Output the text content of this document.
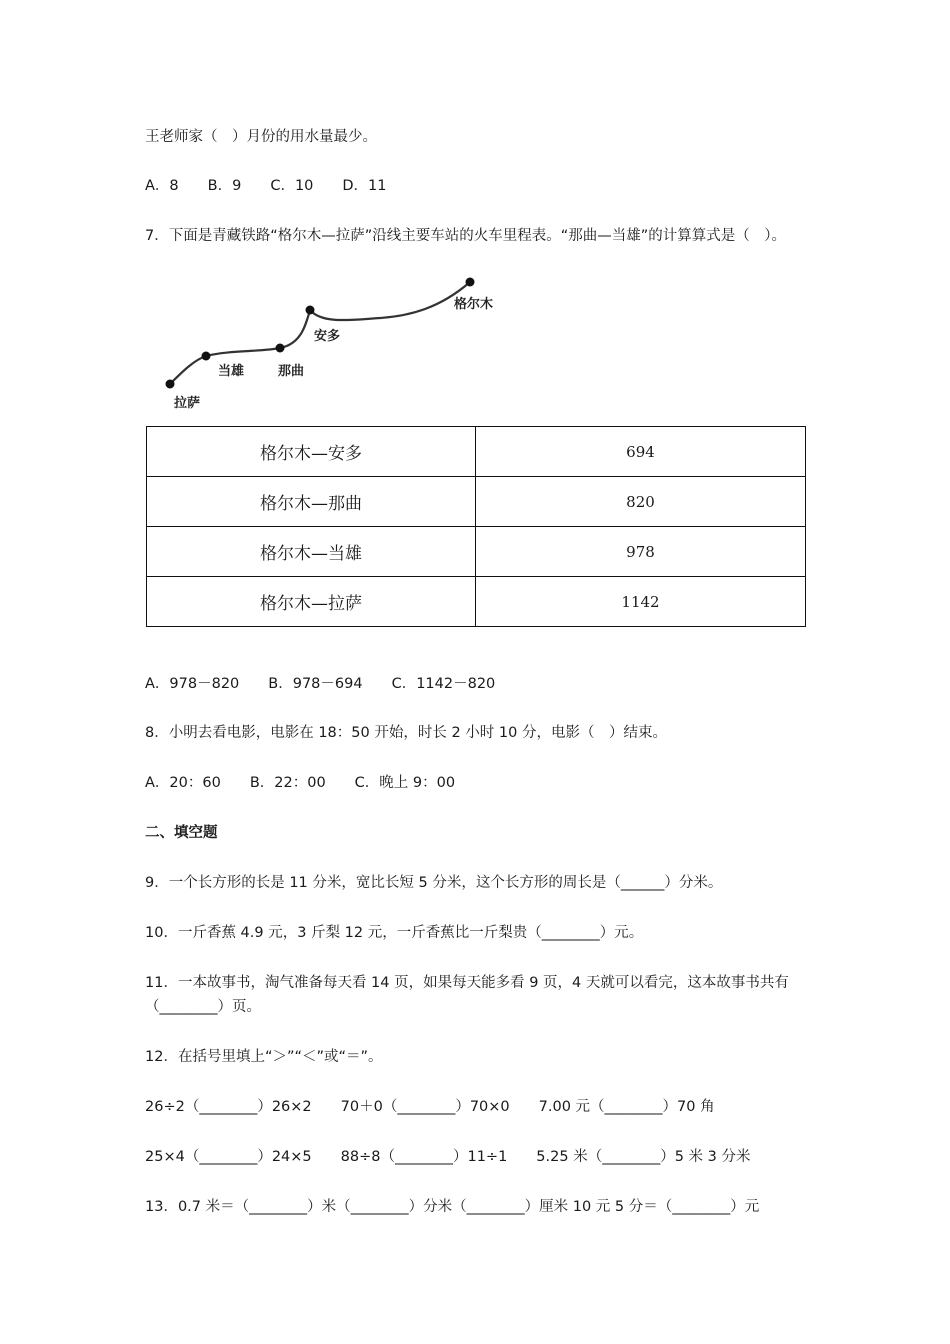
王老师家（　）月份的用水量最少。
A．8　　B．9　　C．10　　D．11
7．下面是青藏铁路“格尔木—拉萨”沿线主要车站的火车里程表。“那曲—当雄”的计算算式是（　）。
拉萨
当雄	那曲
安多
格尔木
格尔木—安多	694
格尔木—那曲	820
格尔木—当雄	978
格尔木—拉萨	1142
A．978－820　　B．978－694　　C．1142－820
8．小明去看电影，电影在 18：50 开始，时长 2 小时 10 分，电影（　）结束。
A．20：60　　B．22：00　　C．晚上 9：00
二、填空题
9．一个长方形的长是 11 分米，宽比长短 5 分米，这个长方形的周长是（______）分米。
10．一斤香蕉 4.9 元，3 斤梨 12 元，一斤香蕉比一斤梨贵（________）元。
11．一本故事书，淘气准备每天看 14 页，如果每天能多看 9 页，4 天就可以看完，这本故事书共有
（________）页。
12．在括号里填上“＞”“＜”或“＝”。
26÷2（________）26×2　　70＋0（________）70×0　　7.00 元（________）70 角
25×4（________）24×5　　88÷8（________）11÷1　　5.25 米（________）5 米 3 分米
13．0.7 米＝（________）米（________）分米（________）厘米 10 元 5 分＝（________）元
